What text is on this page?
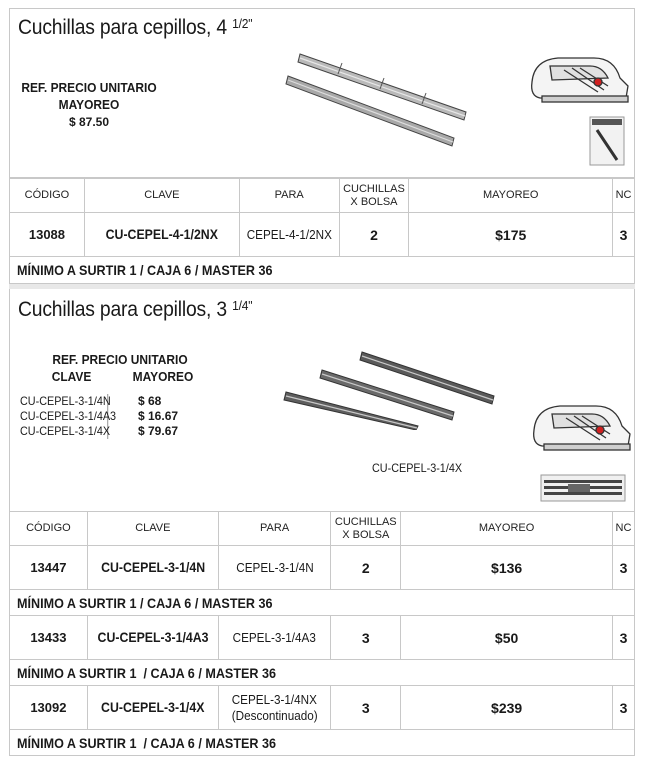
Cuchillas para cepillos, 4 $^{1/2"}$
REF. PRECIO UNITARIO
MAYOREO
$ 87.50
CÓDIGO	CLAVE	PARA	CUCHILLAS
X BOLSA	MAYOREO	NC
13088	CU-CEPEL-4-1/2NX	CEPEL-4-1/2NX	2	$175	3
MÍNIMO A SURTIR 1 / CAJA 6 / MASTER 36
Cuchillas para cepillos, 3 $^{1/4"}$
REF. PRECIO UNITARIO
CLAVE	MAYOREO
CU-CEPEL-3-1/4N	$ 68
CU-CEPEL-3-1/4A3	$ 16.67
CU-CEPEL-3-1/4X	$ 79.67
CU-CEPEL-3-1/4X
CÓDIGO	CLAVE	PARA	CUCHILLAS
X BOLSA	MAYOREO	NC
13447	CU-CEPEL-3-1/4N	CEPEL-3-1/4N	2	$136	3
MÍNIMO A SURTIR 1 / CAJA 6 / MASTER 36					
13433	CU-CEPEL-3-1/4A3	CEPEL-3-1/4A3	3	$50	3
MÍNIMO A SURTIR 1  / CAJA 6 / MASTER 36					
13092	CU-CEPEL-3-1/4X	CEPEL-3-1/4NX
(Descontinuado)	3	$239	3
MÍNIMO A SURTIR 1  / CAJA 6 / MASTER 36					
